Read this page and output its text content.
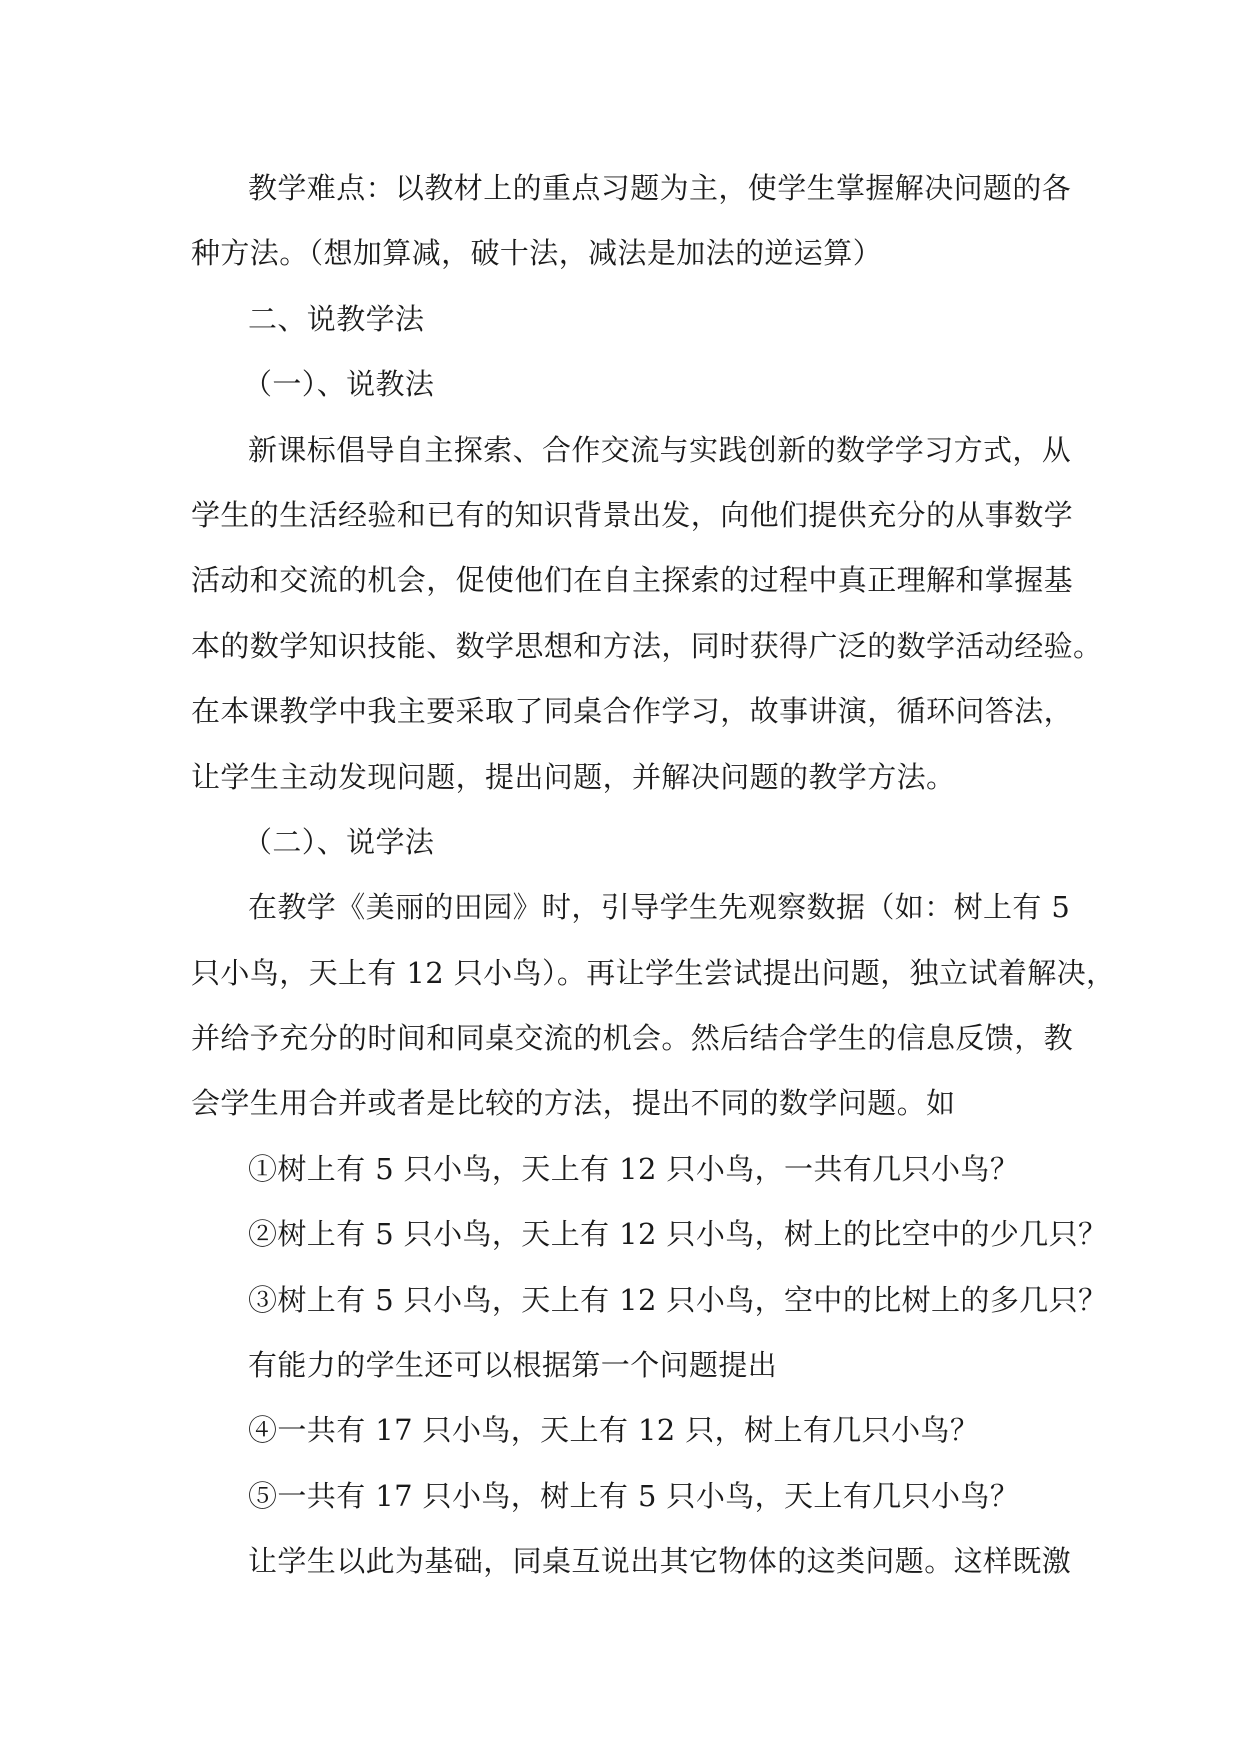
教学难点：以教材上的重点习题为主，使学生掌握解决问题的各
种方法。（想加算减，破十法，减法是加法的逆运算）
二、说教学法
（一）、说教法
新课标倡导自主探索、合作交流与实践创新的数学学习方式，从
学生的生活经验和已有的知识背景出发，向他们提供充分的从事数学
活动和交流的机会，促使他们在自主探索的过程中真正理解和掌握基
本的数学知识技能、数学思想和方法，同时获得广泛的数学活动经验。
在本课教学中我主要采取了同桌合作学习，故事讲演，循环问答法，
让学生主动发现问题，提出问题，并解决问题的教学方法。
（二）、说学法
在教学《美丽的田园》时，引导学生先观察数据（如：树上有 5
只小鸟，天上有 12 只小鸟）。再让学生尝试提出问题，独立试着解决，
并给予充分的时间和同桌交流的机会。然后结合学生的信息反馈，教
会学生用合并或者是比较的方法，提出不同的数学问题。如
①树上有 5 只小鸟，天上有 12 只小鸟，一共有几只小鸟？
②树上有 5 只小鸟，天上有 12 只小鸟，树上的比空中的少几只？
③树上有 5 只小鸟，天上有 12 只小鸟，空中的比树上的多几只？
有能力的学生还可以根据第一个问题提出
④一共有 17 只小鸟，天上有 12 只，树上有几只小鸟？
⑤一共有 17 只小鸟，树上有 5 只小鸟，天上有几只小鸟？
让学生以此为基础，同桌互说出其它物体的这类问题。这样既激
